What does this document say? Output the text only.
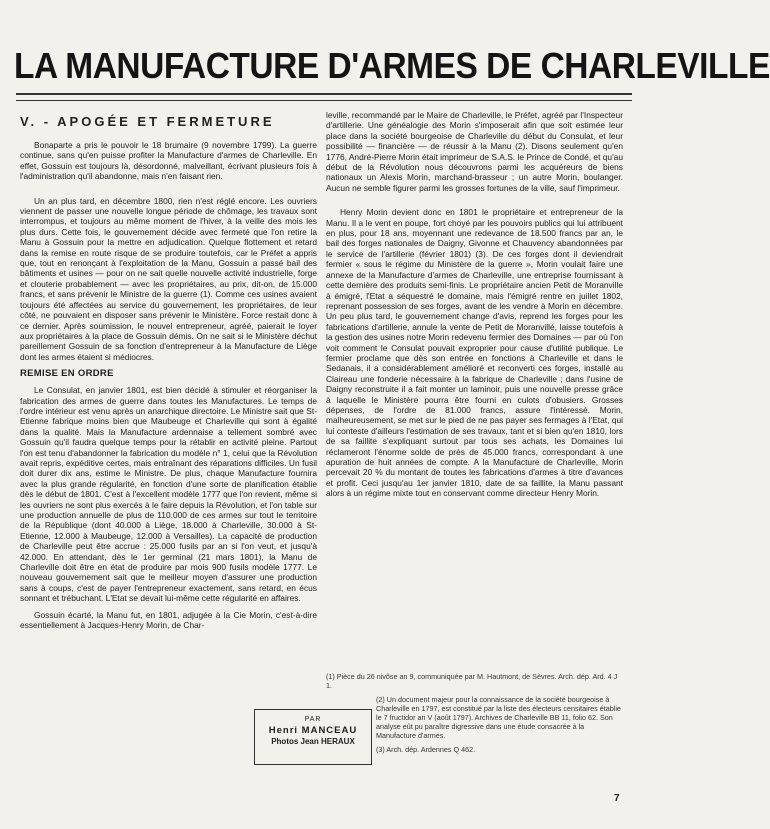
LA MANUFACTURE D'ARMES DE CHARLEVILLE
V. - APOGÉE ET FERMETURE

Bonaparte a pris le pouvoir le 18 brumaire (9 novembre 1799). La guerre continue, sans qu'en puisse profiter la Manufacture d'armes de Charleville. En effet, Gossuin est toujours là, désordonné, malveillant, écrivant plusieurs fois à l'administration qu'il abandonne, mais n'en faisant rien.

Un an plus tard, en décembre 1800, rien n'est réglé encore. Les ouvriers viennent de passer une nouvelle longue période de chômage, les travaux sont interrompus, et toujours au même moment de l'hiver, à la veille des mois les plus durs. Cette fois, le gouvernement décide avec fermeté que l'on retire la Manu à Gossuin pour la mettre en adjudication. Quelque flottement et retard dans la remise en route risque de se produire toutefois, car le Préfet a appris que, tout en renonçant à l'exploitation de la Manu, Gossuin a passé bail des bâtiments et usines — pour on ne sait quelle nouvelle activité industrielle, forge et clouterie probablement — avec les propriétaires, au prix, dit-on, de 15.000 francs, et sans prévenir le Ministre de la guerre (1). Comme ces usines avaient toujours été affectées au service du gouvernement, les propriétaires, de leur côté, ne pouvaient en disposer sans prévenir le Ministère. Force restait donc à ce dernier. Après soumission, le nouvel entrepreneur, agréé, paierait le loyer aux propriétaires à la place de Gossuin démis. On ne sait si le Ministère déchut pareillement Gossuin de sa fonction d'entrepreneur à la Manufacture de Liège dont les armes étaient si médiocres.

REMISE EN ORDRE

Le Consulat, en janvier 1801, est bien décidé à stimuler et réorganiser la fabrication des armes de guerre dans toutes les Manufactures. Le temps de l'ordre intérieur est venu après un anarchique directoire. Le Ministre sait que St-Etienne fabrique moins bien que Maubeuge et Charleville qui sont à égalité dans la qualité. Mais la Manufacture ardennaise a tellement sombré avec Gossuin qu'il faudra quelque temps pour la rétablir en activité pleine. Partout l'on est tenu d'abandonner la fabrication du modèle n° 1, celui que la Révolution avait repris, expéditive certes, mais entraînant des réparations difficiles. Un fusil doit durer dix ans, estime le Ministre. De plus, chaque Manufacture fournira avec la plus grande régularité, en fonction d'une sorte de planification établie dès le début de 1801. C'est à l'excellent modèle 1777 que l'on revient, même si les ouvriers ne sont plus exercés à le faire depuis la Révolution, et l'on table sur une production annuelle de plus de 110.000 de ces armes sur tout le territoire de la République (dont 40.000 à Liège, 18.000 à Charleville, 30.000 à St- Etienne, 12.000 à Maubeuge, 12.000 à Versailles). La capacité de production de Charleville peut être accrue : 25.000 fusils par an si l'on veut, et jusqu'à 42.000. En attendant, dès le 1er germinal (21 mars 1801), la Manu de Charleville doit être en état de produire par mois 900 fusils modèle 1777. Le nouveau gouvernement sait que le meilleur moyen d'assurer une production sans à coups, c'est de payer l'entrepreneur exactement, sans retard, en écus sonnant et trébuchant. L'Etat se devait lui-même cette régularité en affaires.

Gossuin écarté, la Manu fut, en 1801, adjugée à la Cie Morin, c'est-à-dire essentiellement à Jacques-Henry Morin, de Char-

leville, recommandé par le Maire de Charleville, le Préfet, agréé par l'Inspecteur d'artillerie. Une généalogie des Morin s'imposerait afin que soit estimée leur place dans la société bourgeoise de Charleville du début du Consulat, et leur possibilité — financière — de réussir à la Manu (2). Disons seulement qu'en 1776, André-Pierre Morin était imprimeur de S.A.S. le Prince de Condé, et qu'au début de la Révolution nous découvrons parmi les acquéreurs de biens nationaux un Alexis Morin, marchand-brasseur ; un autre Morin, boulanger. Aucun ne semble figurer parmi les grosses fortunes de la ville, sauf l'imprimeur.

Henry Morin devient donc en 1801 le propriétaire et entrepreneur de la Manu. Il a le vent en poupe, fort choyé par les pouvoirs publics qui lui attribuent en plus, pour 18 ans, moyennant une redevance de 18.500 francs par an, le bail des forges nationales de Daigny, Givonne et Chauvency abandonnées par le service de l'artillerie (février 1801) (3). De ces forges dont il deviendrait fermier « sous le régime du Ministère de la guerre », Morin voulait faire une annexe de la Manufacture d'armes de Charleville, une entreprise fournissant à cette dernière des produits semi-finis. Le propriétaire ancien Petit de Moranville à émigré, l'Etat a séquestré le domaine, mais l'émigré rentre en juillet 1802, reprenant possession de ses forges, avant de les vendre à Morin en décembre. Un peu plus tard, le gouvernement change d'avis, reprend les forges pour les fabrications d'artillerie, annule la vente de Petit de Moranvillé, laisse toutefois à la gestion des usines notre Morin redevenu fermier des Domaines — par où l'on voit comment le Consulat pouvait exproprier pour cause d'utilité publique. Le fermier proclame que dès son entrée en fonctions à Charleville et dans le Sedanais, il a considérablement amélioré et reconverti ces forges, installé au Claireau une fonderie nécessaire à la fabrique de Charleville ; dans l'usine de Daigny reconstruite il a fait monter un laminoir, puis une nouvelle presse grâce à laquelle le Ministère pourra être fourni en culots d'obusiers. Grosses dépenses, de l'ordre de 81.000 francs, assure l'intéressé. Morin, malheureusement, se met sur le pied de ne pas payer ses fermages à l'Etat, qui lui conteste d'ailleurs l'estimation de ses travaux, tant et si bien qu'en 1810, lors de sa faillite s'expliquant surtout par tous ses achats, les Domaines lui réclameront l'énorme solde de près de 45.000 francs, correspondant à une apuration de huit années de compte. A la Manufacture de Charleville, Morin percevait 20 % du montant de toutes les fabrications d'armes à titre d'avances et profit. Ceci jusqu'au 1er janvier 1810, date de sa faillite, la Manu passant alors à un régime mixte tout en conservant comme directeur Henry Morin.

PAR
Henri MANCEAU
Photos Jean HERAUX

(1) Pièce du 26 nivôse an 9, communiquée par M. Hautmont, de Sèvres. Arch. dép. Ard. 4 J 1.

(2) Un document majeur pour la connaissance de la société bourgeoise à Charleville en 1797, est constitué par la liste des électeurs censitaires établie le 7 fructidor an V (août 1797). Archives de Charleville BB 11, folio 62. Son analyse eût pu paraître digressive dans une étude consacrée à la Manufacture d'armes.

(3) Arch. dép. Ardennes Q 462.

7
